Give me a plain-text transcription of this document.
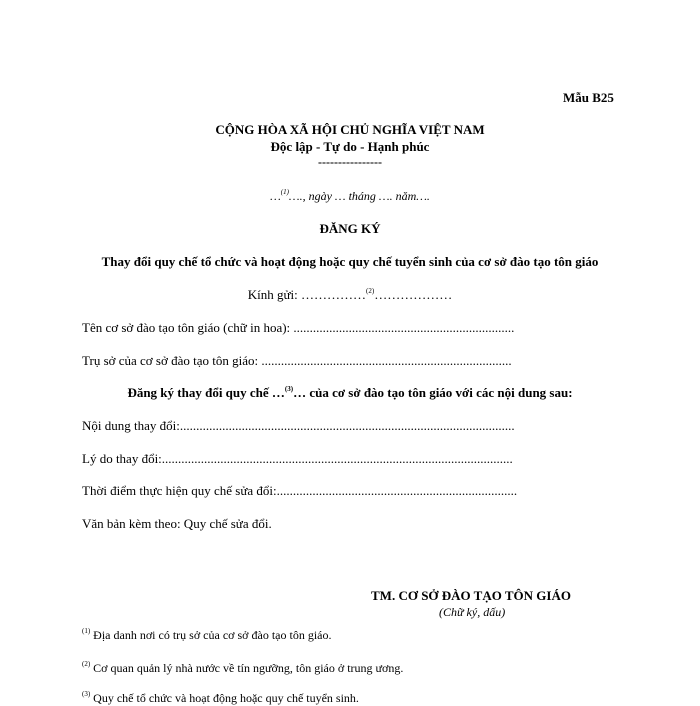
Mẫu B25
CỘNG HÒA XÃ HỘI CHỦ NGHĨA VIỆT NAM
Độc lập - Tự do - Hạnh phúc
----------------
…$^{(1)}$…., ngày … tháng …. năm….
ĐĂNG KÝ
Thay đổi quy chế tổ chức và hoạt động hoặc quy chế tuyển sinh của cơ sở đào tạo tôn giáo
Kính gửi: ……………$^{(2)}$………………
Tên cơ sở đào tạo tôn giáo (chữ in hoa): ....................................................................
Trụ sở của cơ sở đào tạo tôn giáo: .............................................................................
Đăng ký thay đổi quy chế …$^{(3)}$… của cơ sở đào tạo tôn giáo với các nội dung sau:
Nội dung thay đổi:.......................................................................................................
Lý do thay đổi:............................................................................................................
Thời điểm thực hiện quy chế sửa đổi:..........................................................................
Văn bản kèm theo: Quy chế sửa đổi.
TM. CƠ SỞ ĐÀO TẠO TÔN GIÁO
(Chữ ký, dấu)
$^{(1)}$ Địa danh nơi có trụ sở của cơ sở đào tạo tôn giáo.
$^{(2)}$ Cơ quan quản lý nhà nước về tín ngưỡng, tôn giáo ở trung ương.
$^{(3)}$ Quy chế tổ chức và hoạt động hoặc quy chế tuyển sinh.
